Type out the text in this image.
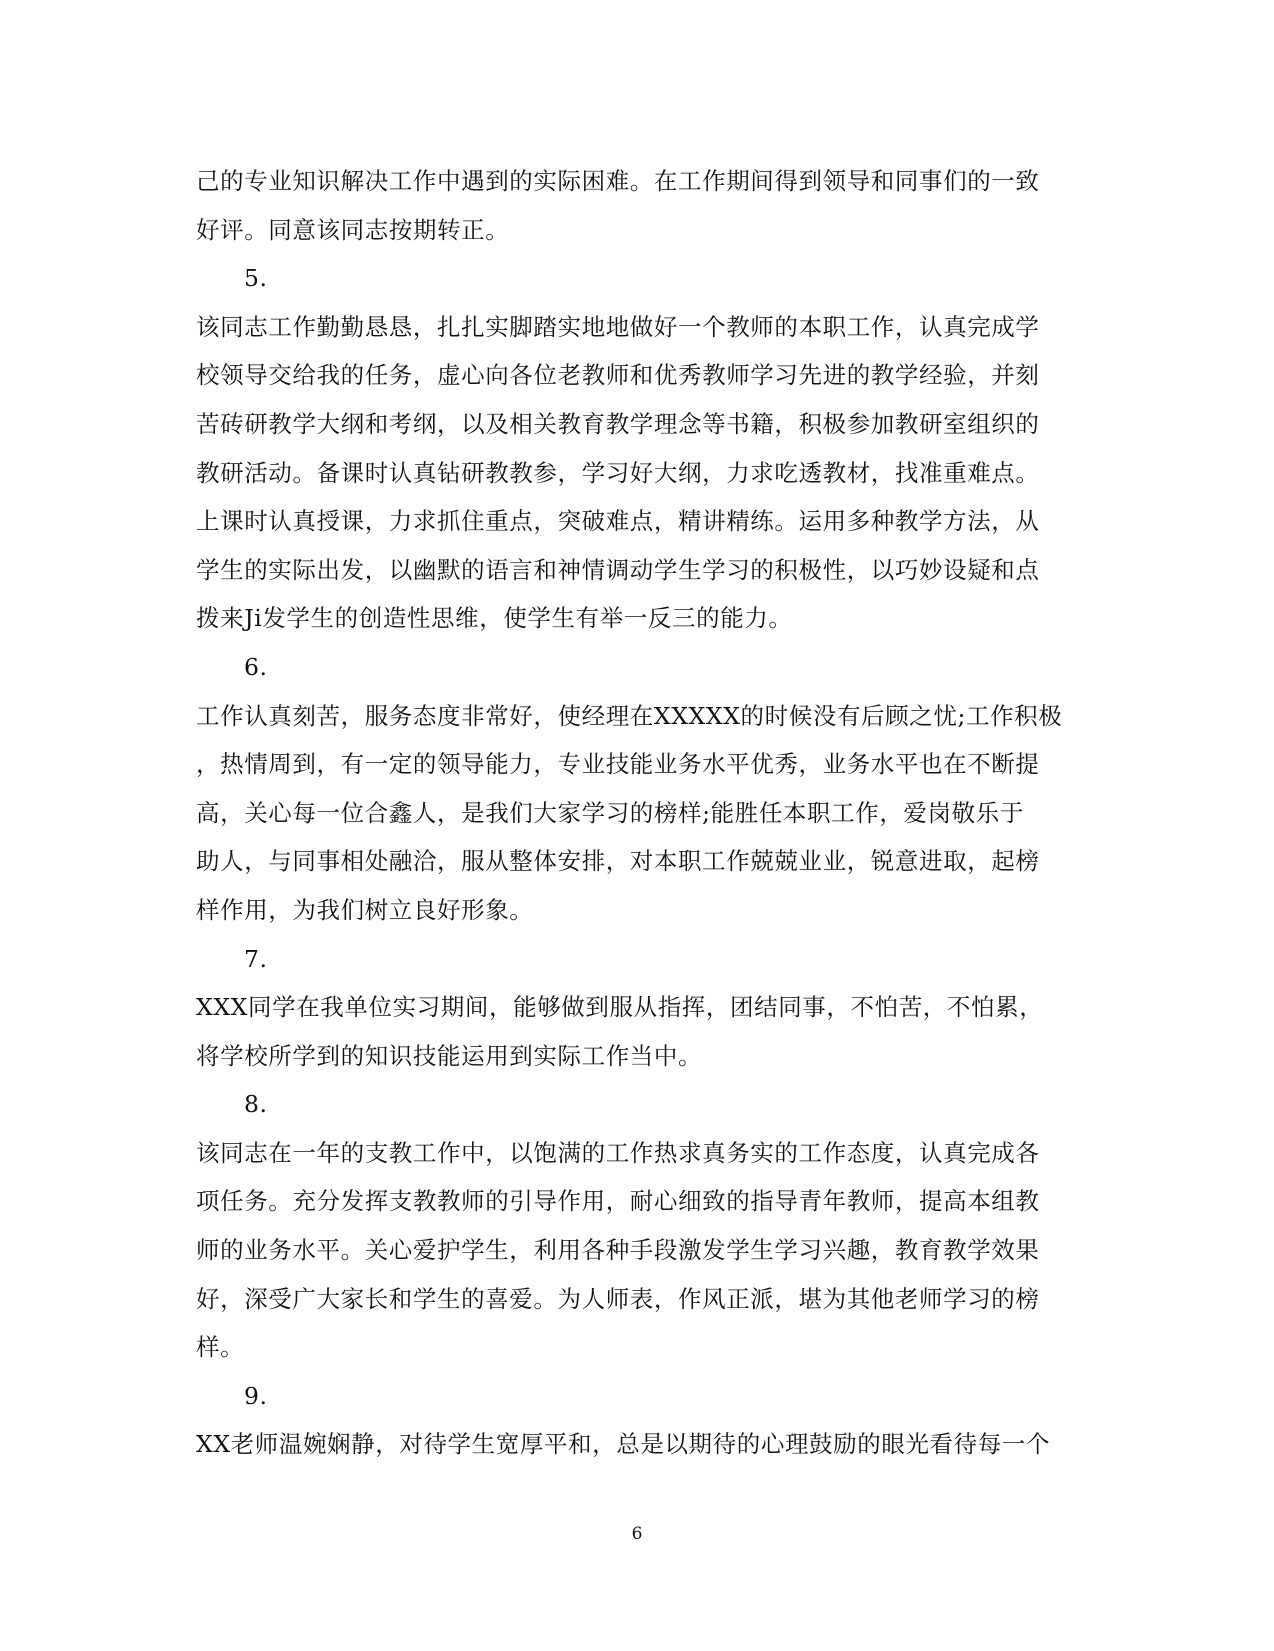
己的专业知识解决工作中遇到的实际困难。在工作期间得到领导和同事们的一致
好评。同意该同志按期转正。
5.
该同志工作勤勤恳恳，扎扎实脚踏实地地做好一个教师的本职工作，认真完成学
校领导交给我的任务，虚心向各位老教师和优秀教师学习先进的教学经验，并刻
苦砖研教学大纲和考纲，以及相关教育教学理念等书籍，积极参加教研室组织的
教研活动。备课时认真钻研教教参，学习好大纲，力求吃透教材，找准重难点。
上课时认真授课，力求抓住重点，突破难点，精讲精练。运用多种教学方法，从
学生的实际出发，以幽默的语言和神情调动学生学习的积极性，以巧妙设疑和点
拨来Ji发学生的创造性思维，使学生有举一反三的能力。
6.
工作认真刻苦，服务态度非常好，使经理在XXXXX的时候没有后顾之忧;工作积极
，热情周到，有一定的领导能力，专业技能业务水平优秀，业务水平也在不断提
高，关心每一位合鑫人，是我们大家学习的榜样;能胜任本职工作，爱岗敬乐于
助人，与同事相处融洽，服从整体安排，对本职工作兢兢业业，锐意进取，起榜
样作用，为我们树立良好形象。
7.
XXX同学在我单位实习期间，能够做到服从指挥，团结同事，不怕苦，不怕累，
将学校所学到的知识技能运用到实际工作当中。
8.
该同志在一年的支教工作中，以饱满的工作热求真务实的工作态度，认真完成各
项任务。充分发挥支教教师的引导作用，耐心细致的指导青年教师，提高本组教
师的业务水平。关心爱护学生，利用各种手段激发学生学习兴趣，教育教学效果
好，深受广大家长和学生的喜爱。为人师表，作风正派，堪为其他老师学习的榜
样。
9.
XX老师温婉娴静，对待学生宽厚平和，总是以期待的心理鼓励的眼光看待每一个
6
